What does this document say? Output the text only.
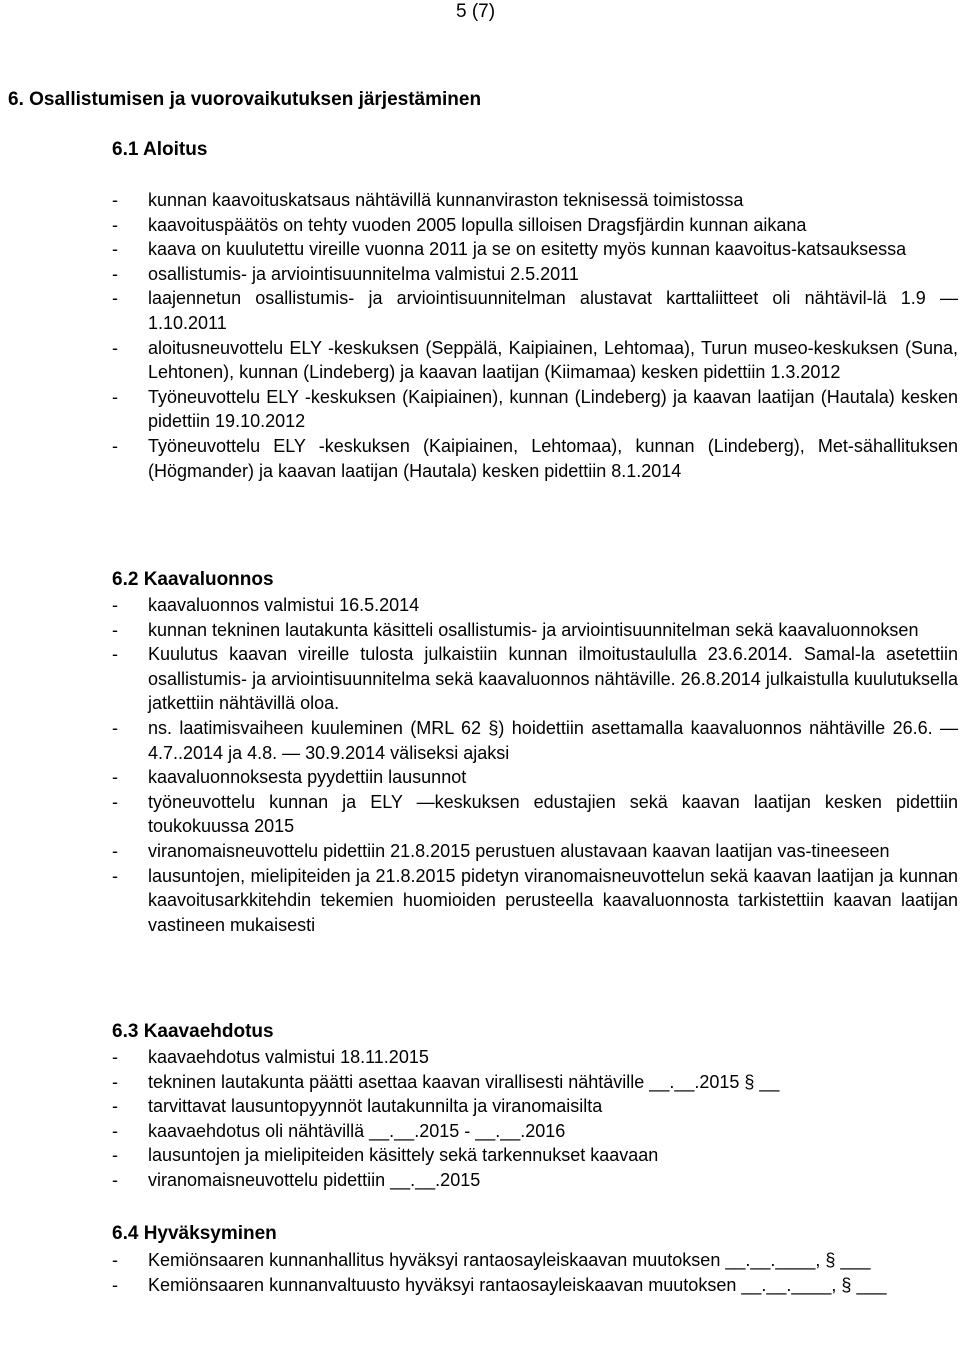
5 (7)
6. Osallistumisen ja vuorovaikutuksen järjestäminen
6.1 Aloitus
- kunnan kaavoituskatsaus nähtävillä kunnanviraston teknisessä toimistossa
- kaavoituspäätös on tehty vuoden 2005 lopulla silloisen Dragsfjärdin kunnan aikana
- kaava on kuulutettu vireille vuonna 2011 ja se on esitetty myös kunnan kaavoitus-katsauksessa
- osallistumis- ja arviointisuunnitelma valmistui 2.5.2011
- laajennetun osallistumis- ja arviointisuunnitelman alustavat karttaliitteet oli nähtävil-lä 1.9 — 1.10.2011
- aloitusneuvottelu ELY -keskuksen (Seppälä, Kaipiainen, Lehtomaa), Turun museo-keskuksen (Suna, Lehtonen), kunnan (Lindeberg) ja kaavan laatijan (Kiimamaa) kesken pidettiin 1.3.2012
- Työneuvottelu ELY -keskuksen (Kaipiainen), kunnan (Lindeberg) ja kaavan laatijan (Hautala) kesken pidettiin 19.10.2012
- Työneuvottelu ELY -keskuksen (Kaipiainen, Lehtomaa), kunnan (Lindeberg), Met-sähallituksen (Högmander) ja kaavan laatijan (Hautala) kesken pidettiin 8.1.2014
6.2 Kaavaluonnos
- kaavaluonnos valmistui 16.5.2014
- kunnan tekninen lautakunta käsitteli osallistumis- ja arviointisuunnitelman sekä kaavaluonnoksen
- Kuulutus kaavan vireille tulosta julkaistiin kunnan ilmoitustaululla 23.6.2014. Samal-la asetettiin osallistumis- ja arviointisuunnitelma sekä kaavaluonnos nähtäville. 26.8.2014 julkaistulla kuulutuksella jatkettiin nähtävillä oloa.
- ns. laatimisvaiheen kuuleminen (MRL 62 §) hoidettiin asettamalla kaavaluonnos nähtäville 26.6. — 4.7..2014 ja 4.8. — 30.9.2014 väliseksi ajaksi
- kaavaluonnoksesta pyydettiin lausunnot
- työneuvottelu kunnan ja ELY —keskuksen edustajien sekä kaavan laatijan kesken pidettiin toukokuussa 2015
- viranomaisneuvottelu pidettiin 21.8.2015 perustuen alustavaan kaavan laatijan vas-tineeseen
- lausuntojen, mielipiteiden ja 21.8.2015 pidetyn viranomaisneuvottelun sekä kaavan laatijan ja kunnan kaavoitusarkkitehdin tekemien huomioiden perusteella kaavaluonnosta tarkistettiin kaavan laatijan vastineen mukaisesti
6.3 Kaavaehdotus
- kaavaehdotus valmistui 18.11.2015
- tekninen lautakunta päätti asettaa kaavan virallisesti nähtäville __.__.2015 § __
- tarvittavat lausuntopyynnöt lautakunnilta ja viranomaisilta
- kaavaehdotus oli nähtävillä __.__.2015 - __.__.2016
- lausuntojen ja mielipiteiden käsittely sekä tarkennukset kaavaan
- viranomaisneuvottelu pidettiin __.__.2015
6.4 Hyväksyminen
- Kemiönsaaren kunnanhallitus hyväksyi rantaosayleiskaavan muutoksen __.__.____, § ___
- Kemiönsaaren kunnanvaltuusto hyväksyi rantaosayleiskaavan muutoksen __.__.____, § ___
